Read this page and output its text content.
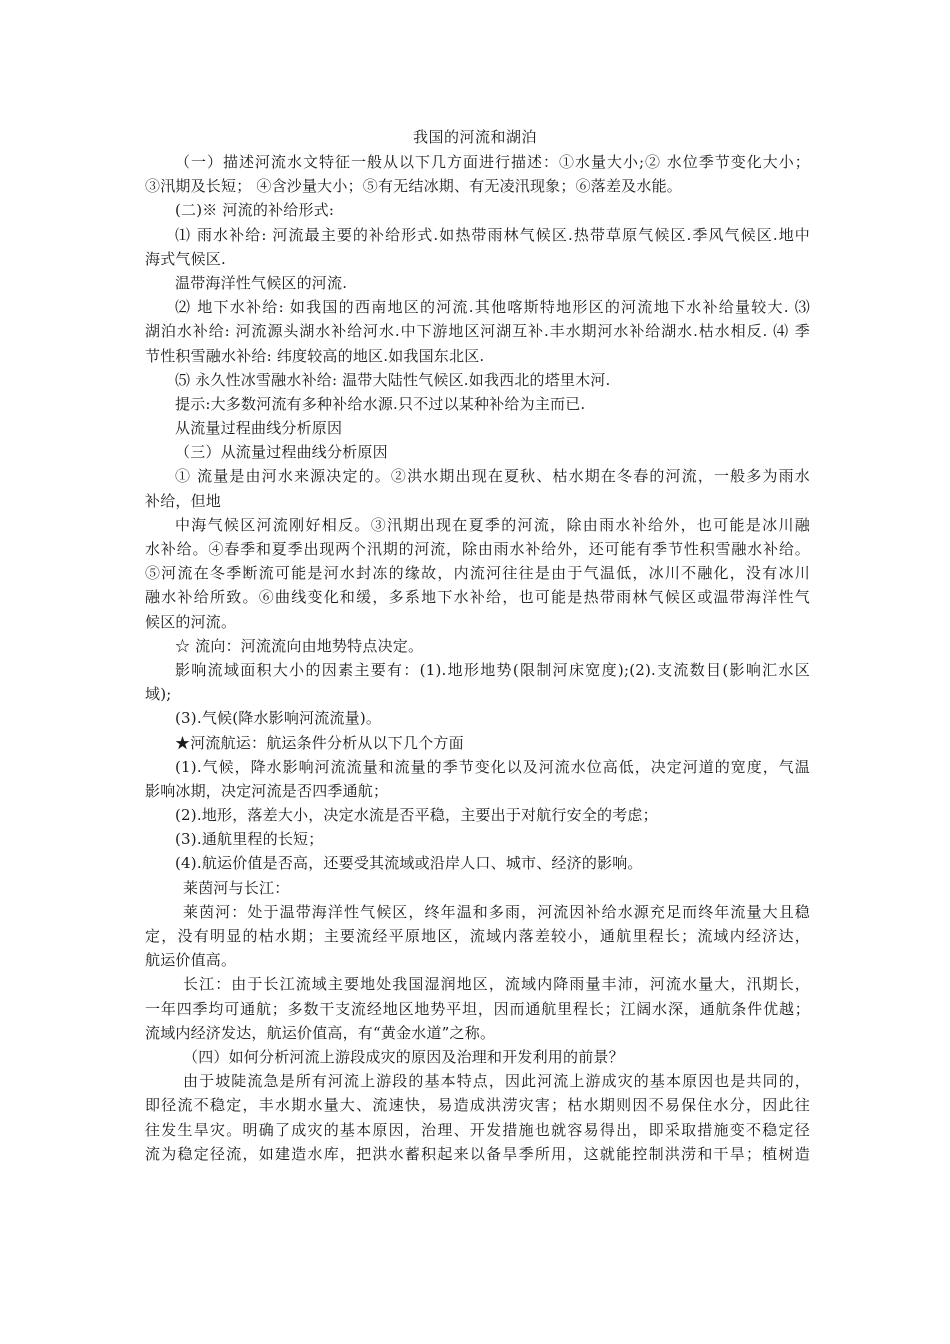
我国的河流和湖泊
（一）描述河流水文特征一般从以下几方面进行描述：①水量大小;② 水位季节变化大小；
③汛期及长短； ④含沙量大小；⑤有无结冰期、有无凌汛现象；⑥落差及水能。
(二)※ 河流的补给形式:
⑴ 雨水补给: 河流最主要的补给形式.如热带雨林气候区.热带草原气候区.季风气候区.地中
海式气候区.
温带海洋性气候区的河流.
⑵ 地下水补给: 如我国的西南地区的河流.其他喀斯特地形区的河流地下水补给量较大. ⑶
湖泊水补给: 河流源头湖水补给河水.中下游地区河湖互补.丰水期河水补给湖水.枯水相反. ⑷ 季
节性积雪融水补给: 纬度较高的地区.如我国东北区.
⑸ 永久性冰雪融水补给: 温带大陆性气候区.如我西北的塔里木河.
提示:大多数河流有多种补给水源.只不过以某种补给为主而已.
从流量过程曲线分析原因
（三）从流量过程曲线分析原因
① 流量是由河水来源决定的。②洪水期出现在夏秋、枯水期在冬春的河流，一般多为雨水
补给，但地
中海气候区河流刚好相反。③汛期出现在夏季的河流，除由雨水补给外，也可能是冰川融
水补给。④春季和夏季出现两个汛期的河流，除由雨水补给外，还可能有季节性积雪融水补给。
⑤河流在冬季断流可能是河水封冻的缘故，内流河往往是由于气温低，冰川不融化，没有冰川
融水补给所致。⑥曲线变化和缓，多系地下水补给，也可能是热带雨林气候区或温带海洋性气
候区的河流。
☆ 流向：河流流向由地势特点决定。
影响流域面积大小的因素主要有：(1).地形地势(限制河床宽度);(2).支流数目(影响汇水区
域);
(3).气候(降水影响河流流量)。
★河流航运：航运条件分析从以下几个方面
(1).气候，降水影响河流流量和流量的季节变化以及河流水位高低，决定河道的宽度，气温
影响冰期，决定河流是否四季通航；
(2).地形，落差大小，决定水流是否平稳，主要出于对航行安全的考虑；
(3).通航里程的长短；
(4).航运价值是否高，还要受其流域或沿岸人口、城市、经济的影响。
莱茵河与长江：
莱茵河：处于温带海洋性气候区，终年温和多雨，河流因补给水源充足而终年流量大且稳
定，没有明显的枯水期；主要流经平原地区，流域内落差较小，通航里程长；流域内经济达，
航运价值高。
长江：由于长江流域主要地处我国湿润地区，流域内降雨量丰沛，河流水量大，汛期长，
一年四季均可通航；多数干支流经地区地势平坦，因而通航里程长；江阔水深，通航条件优越；
流域内经济发达，航运价值高，有“黄金水道”之称。
（四）如何分析河流上游段成灾的原因及治理和开发利用的前景？
由于坡陡流急是所有河流上游段的基本特点，因此河流上游成灾的基本原因也是共同的，
即径流不稳定，丰水期水量大、流速快，易造成洪涝灾害；枯水期则因不易保住水分，因此往
往发生旱灾。明确了成灾的基本原因，治理、开发措施也就容易得出，即采取措施变不稳定径
流为稳定径流，如建造水库，把洪水蓄积起来以备旱季所用，这就能控制洪涝和干旱；植树造
